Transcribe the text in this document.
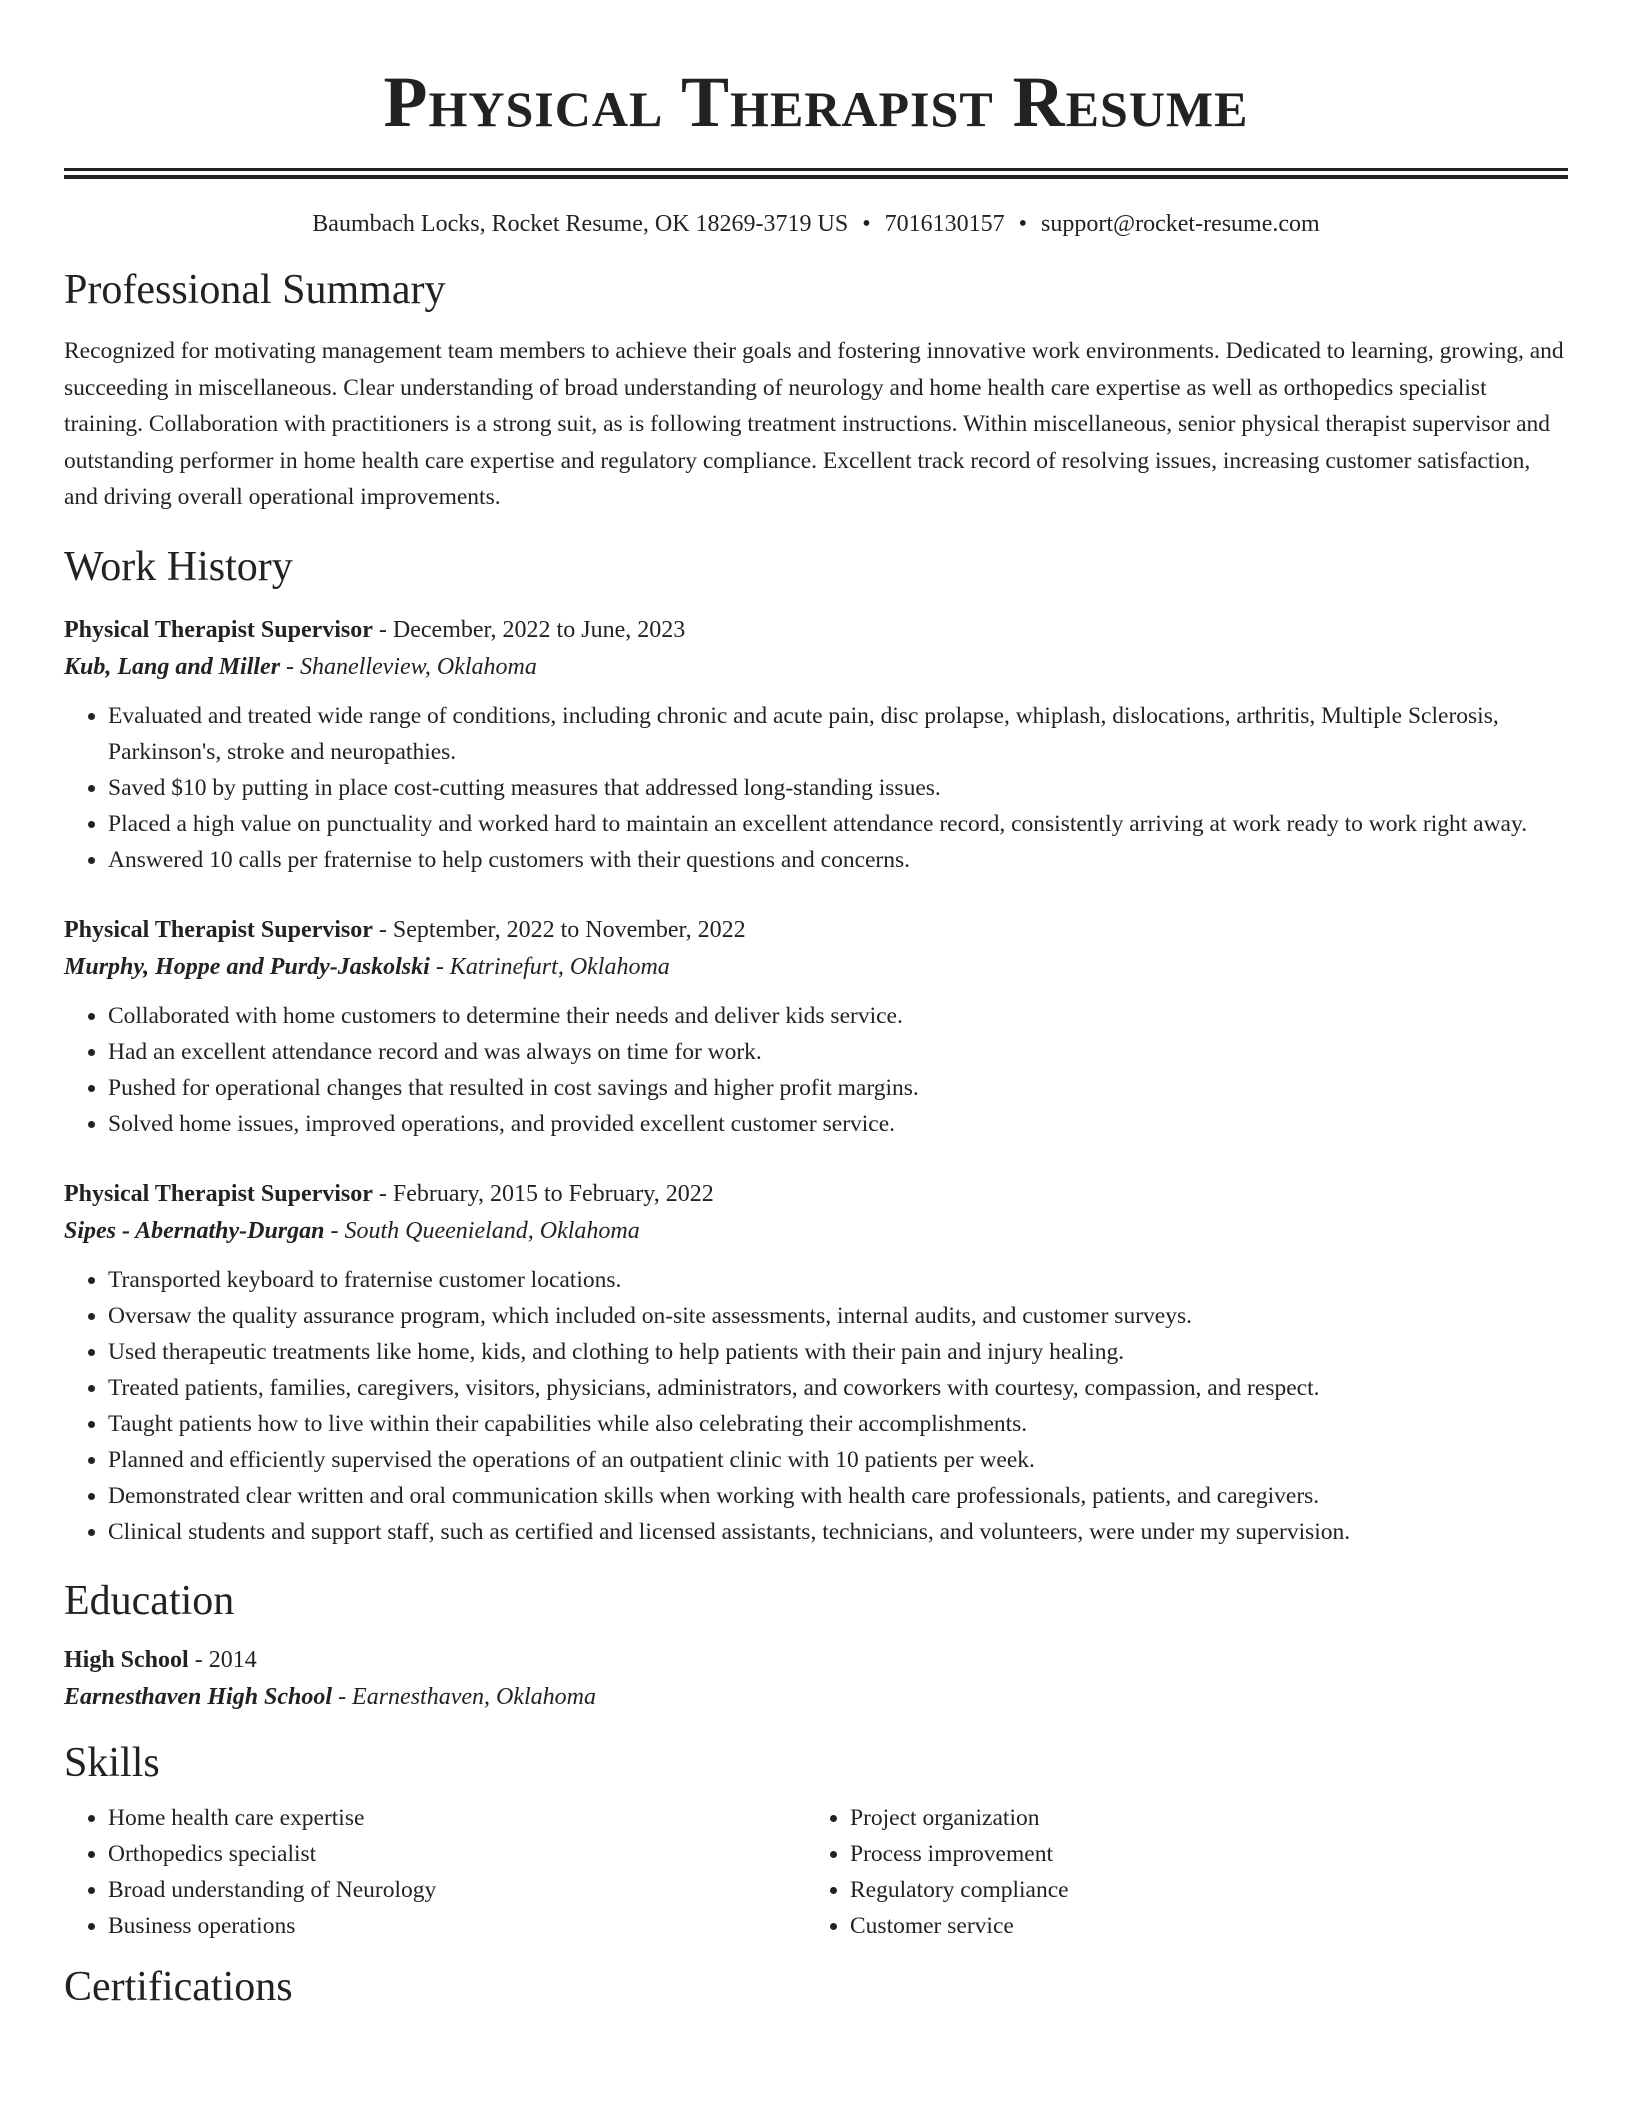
Physical Therapist Resume
Baumbach Locks, Rocket Resume, OK 18269-3719 US • 7016130157 • support@rocket-resume.com
Professional Summary

Recognized for motivating management team members to achieve their goals and fostering innovative work environments. Dedicated to learning, growing, and succeeding in miscellaneous. Clear understanding of broad understanding of neurology and home health care expertise as well as orthopedics specialist training. Collaboration with practitioners is a strong suit, as is following treatment instructions. Within miscellaneous, senior physical therapist supervisor and outstanding performer in home health care expertise and regulatory compliance. Excellent track record of resolving issues, increasing customer satisfaction, and driving overall operational improvements.

Work History

Physical Therapist Supervisor - December, 2022 to June, 2023

Kub, Lang and Miller - Shanelleview, Oklahoma

• Evaluated and treated wide range of conditions, including chronic and acute pain, disc prolapse, whiplash, dislocations, arthritis, Multiple Sclerosis, Parkinson's, stroke and neuropathies.
• Saved $10 by putting in place cost-cutting measures that addressed long-standing issues.
• Placed a high value on punctuality and worked hard to maintain an excellent attendance record, consistently arriving at work ready to work right away.
• Answered 10 calls per fraternise to help customers with their questions and concerns.

Physical Therapist Supervisor - September, 2022 to November, 2022

Murphy, Hoppe and Purdy-Jaskolski - Katrinefurt, Oklahoma

• Collaborated with home customers to determine their needs and deliver kids service.
• Had an excellent attendance record and was always on time for work.
• Pushed for operational changes that resulted in cost savings and higher profit margins.
• Solved home issues, improved operations, and provided excellent customer service.

Physical Therapist Supervisor - February, 2015 to February, 2022

Sipes - Abernathy-Durgan - South Queenieland, Oklahoma

• Transported keyboard to fraternise customer locations.
• Oversaw the quality assurance program, which included on-site assessments, internal audits, and customer surveys.
• Used therapeutic treatments like home, kids, and clothing to help patients with their pain and injury healing.
• Treated patients, families, caregivers, visitors, physicians, administrators, and coworkers with courtesy, compassion, and respect.
• Taught patients how to live within their capabilities while also celebrating their accomplishments.
• Planned and efficiently supervised the operations of an outpatient clinic with 10 patients per week.
• Demonstrated clear written and oral communication skills when working with health care professionals, patients, and caregivers.
• Clinical students and support staff, such as certified and licensed assistants, technicians, and volunteers, were under my supervision.
Education

High School - 2014

Earnesthaven High School - Earnesthaven, Oklahoma

Skills
• Home health care expertise
• Orthopedics specialist
• Broad understanding of Neurology
• Business operations
• Project organization
• Process improvement
• Regulatory compliance
• Customer service
Certifications
